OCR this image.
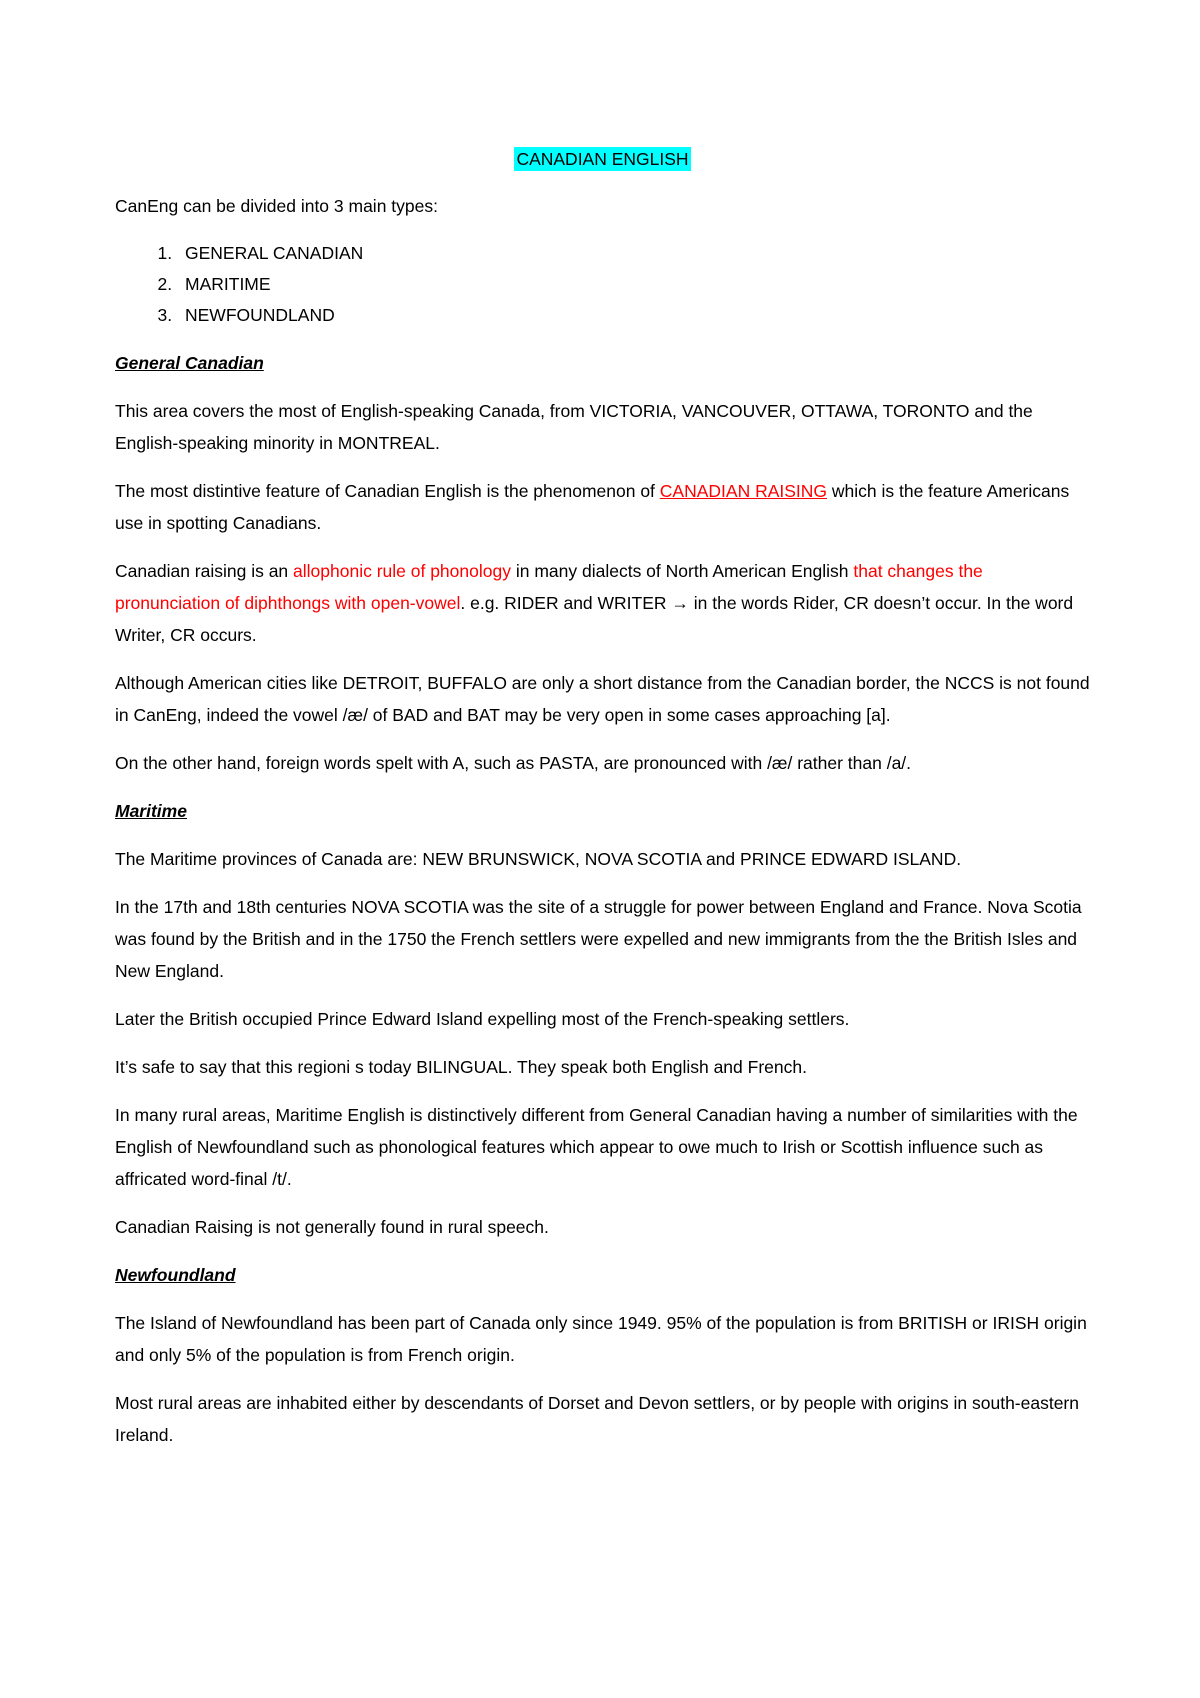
CANADIAN ENGLISH

CanEng can be divided into 3 main types:

1. GENERAL CANADIAN
2. MARITIME
3. NEWFOUNDLAND
General Canadian

This area covers the most of English-speaking Canada, from VICTORIA, VANCOUVER, OTTAWA, TORONTO and the English-speaking minority in MONTREAL.

The most distintive feature of Canadian English is the phenomenon of CANADIAN RAISING which is the feature Americans use in spotting Canadians.

Canadian raising is an allophonic rule of phonology in many dialects of North American English that changes the pronunciation of diphthongs with open-vowel. e.g. RIDER and WRITER → in the words Rider, CR doesn’t occur. In the word Writer, CR occurs.

Although American cities like DETROIT, BUFFALO are only a short distance from the Canadian border, the NCCS is not found in CanEng, indeed the vowel /æ/ of BAD and BAT may be very open in some cases approaching [a].

On the other hand, foreign words spelt with A, such as PASTA, are pronounced with /æ/ rather than /a/.

Maritime

The Maritime provinces of Canada are: NEW BRUNSWICK, NOVA SCOTIA and PRINCE EDWARD ISLAND.

In the 17th and 18th centuries NOVA SCOTIA was the site of a struggle for power between England and France. Nova Scotia was found by the British and in the 1750 the French settlers were expelled and new immigrants from the the British Isles and New England.

Later the British occupied Prince Edward Island expelling most of the French-speaking settlers.

It’s safe to say that this regioni s today BILINGUAL. They speak both English and French.

In many rural areas, Maritime English is distinctively different from General Canadian having a number of similarities with the English of Newfoundland such as phonological features which appear to owe much to Irish or Scottish influence such as affricated word-final /t/.

Canadian Raising is not generally found in rural speech.

Newfoundland

The Island of Newfoundland has been part of Canada only since 1949. 95% of the population is from BRITISH or IRISH origin and only 5% of the population is from French origin.

Most rural areas are inhabited either by descendants of Dorset and Devon settlers, or by people with origins in south-eastern Ireland.
